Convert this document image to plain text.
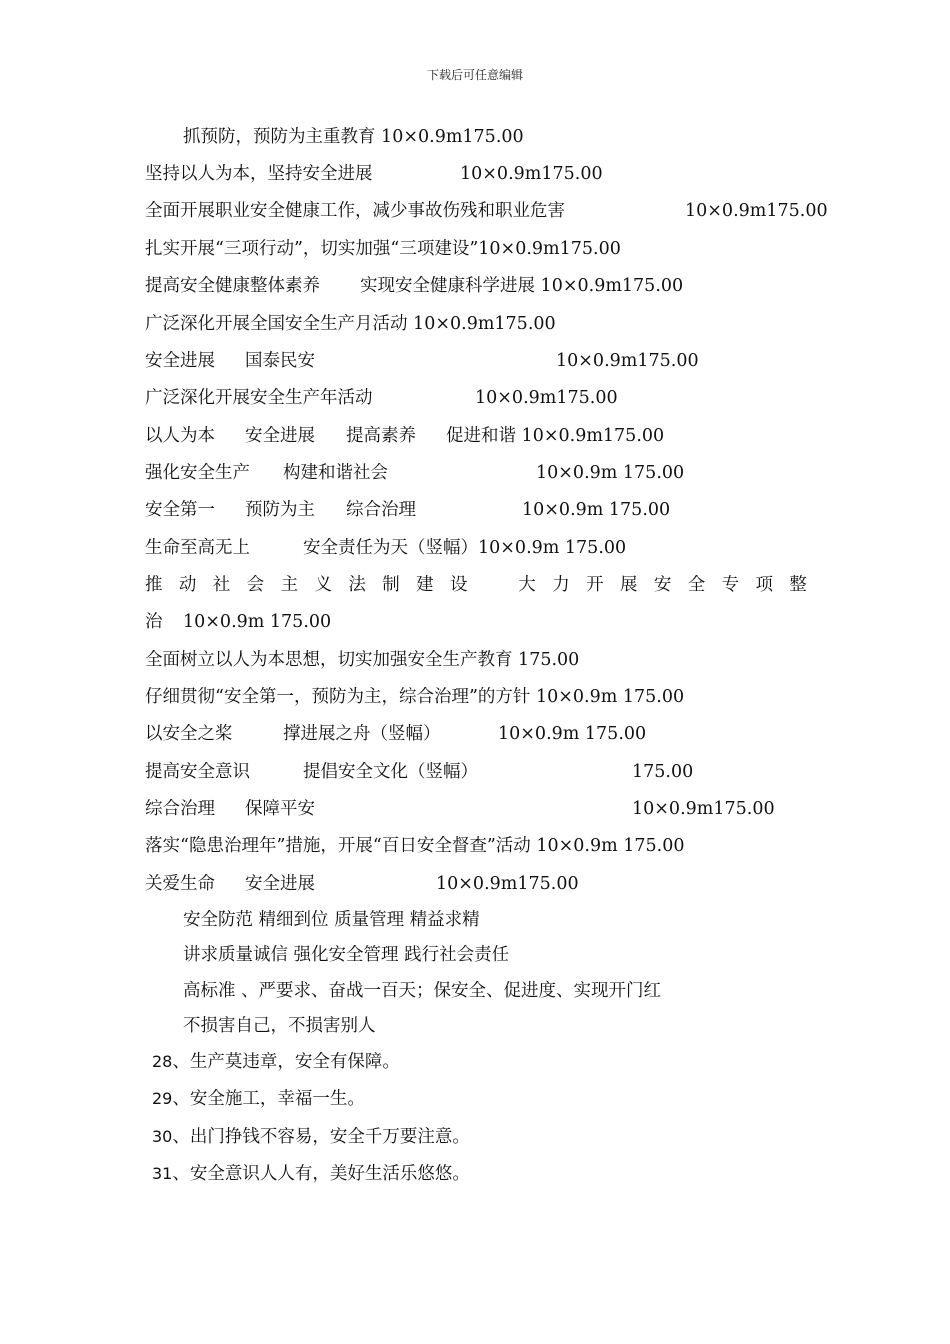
下载后可任意编辑
抓预防，预防为主重教育 10×0.9m175.00
坚持以人为本，坚持安全进展	10×0.9m175.00
全面开展职业安全健康工作，减少事故伤残和职业危害	10×0.9m175.00
扎实开展“三项行动”，切实加强“三项建设”10×0.9m175.00
提高安全健康整体素养 实现安全健康科学进展 10×0.9m175.00
广泛深化开展全国安全生产月活动 10×0.9m175.00
安全进展 国泰民安	10×0.9m175.00
广泛深化开展安全生产年活动	10×0.9m175.00
以人为本 安全进展 提高素养 促进和谐 10×0.9m175.00
强化安全生产 构建和谐社会	10×0.9m 175.00
安全第一 预防为主 综合治理	10×0.9m 175.00
生命至高无上	安全责任为天（竖幅）10×0.9m 175.00
推 动 社 会 主 义 法 制 建 设	大 力 开 展 安 全 专 项 整
治 10×0.9m 175.00
全面树立以人为本思想，切实加强安全生产教育 175.00
仔细贯彻“安全第一，预防为主，综合治理”的方针 10×0.9m 175.00
以安全之桨	撑进展之舟（竖幅）	10×0.9m 175.00
提高安全意识	提倡安全文化（竖幅）	175.00
综合治理 保障平安	10×0.9m175.00
落实“隐患治理年”措施，开展“百日安全督查”活动 10×0.9m 175.00
关爱生命 安全进展	10×0.9m175.00
安全防范 精细到位 质量管理 精益求精
讲求质量诚信 强化安全管理 践行社会责任
高标准 、严要求、奋战一百天；保安全、促进度、实现开门红
不损害自己，不损害别人
28、生产莫违章，安全有保障。
29、安全施工，幸福一生。
30、出门挣钱不容易，安全千万要注意。
31、安全意识人人有，美好生活乐悠悠。
